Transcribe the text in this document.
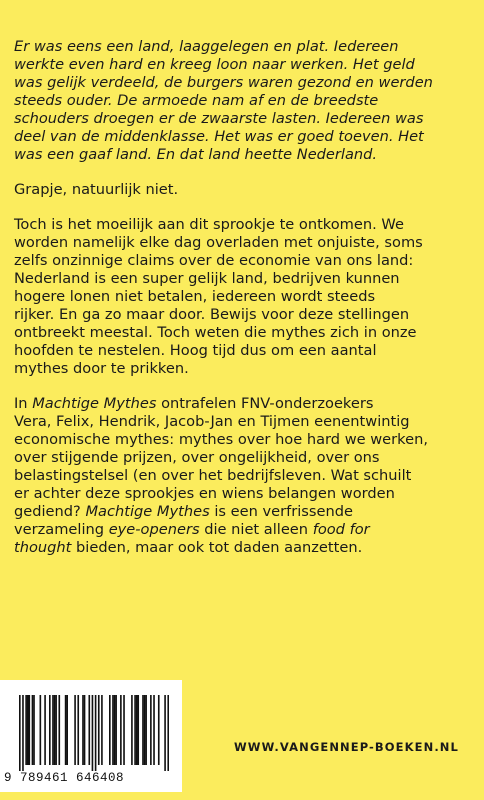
Er was eens een land, laaggelegen en plat. Iedereen
werkte even hard en kreeg loon naar werken. Het geld
was gelijk verdeeld, de burgers waren gezond en werden
steeds ouder. De armoede nam af en de breedste
schouders droegen er de zwaarste lasten. Iedereen was
deel van de middenklasse. Het was er goed toeven. Het
was een gaaf land. En dat land heette Nederland.

Grapje, natuurlijk niet.

Toch is het moeilijk aan dit sprookje te ontkomen. We
worden namelijk elke dag overladen met onjuiste, soms
zelfs onzinnige claims over de economie van ons land:
Nederland is een super gelijk land, bedrijven kunnen
hogere lonen niet betalen, iedereen wordt steeds
rijker. En ga zo maar door. Bewijs voor deze stellingen
ontbreekt meestal. Toch weten die mythes zich in onze
hoofden te nestelen. Hoog tijd dus om een aantal
mythes door te prikken.

In Machtige Mythes ontrafelen FNV-onderzoekers
Vera, Felix, Hendrik, Jacob-Jan en Tijmen eenentwintig
economische mythes: mythes over hoe hard we werken,
over stijgende prijzen, over ongelijkheid, over ons
belastingstelsel (en over het bedrijfsleven. Wat schuilt
er achter deze sprookjes en wiens belangen worden
gediend? Machtige Mythes is een verfrissende
verzameling eye-openers die niet alleen food for
thought bieden, maar ook tot daden aanzetten.

9 789461 646408
WWW.VANGENNEP-BOEKEN.NL
